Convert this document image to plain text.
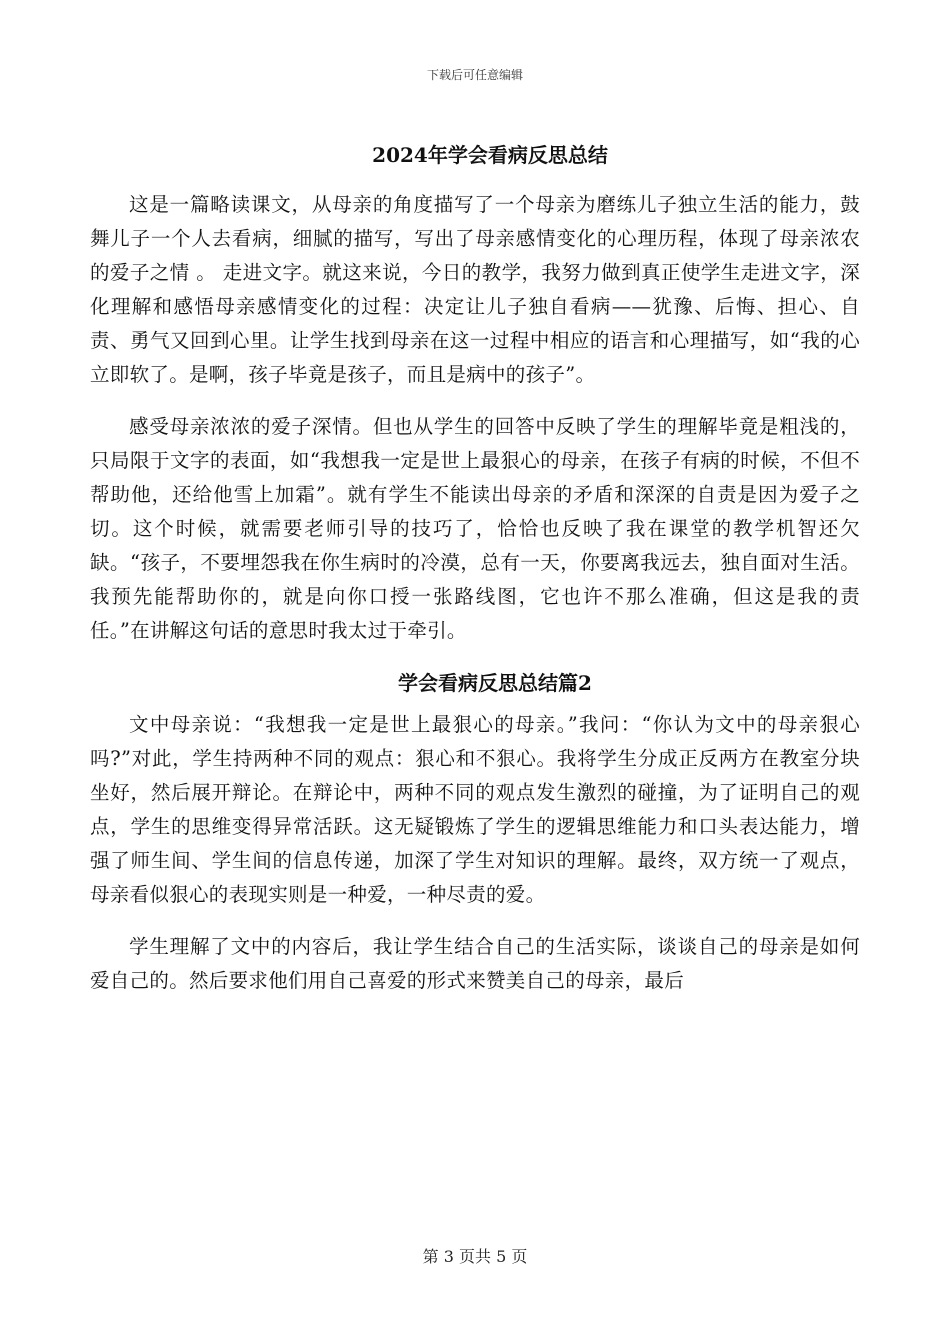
下载后可任意编辑
2024年学会看病反思总结

这是一篇略读课文，从母亲的角度描写了一个母亲为磨练儿子独立生活的能力，鼓舞儿子一个人去看病，细腻的描写，写出了母亲感情变化的心理历程，体现了母亲浓农的爱子之情 。 走进文字。就这来说，今日的教学，我努力做到真正使学生走进文字，深化理解和感悟母亲感情变化的过程：决定让儿子独自看病——犹豫、后悔、担心、自责、勇气又回到心里。让学生找到母亲在这一过程中相应的语言和心理描写，如“我的心立即软了。是啊，孩子毕竟是孩子，而且是病中的孩子”。

感受母亲浓浓的爱子深情。但也从学生的回答中反映了学生的理解毕竟是粗浅的，只局限于文字的表面，如“我想我一定是世上最狠心的母亲，在孩子有病的时候，不但不帮助他，还给他雪上加霜”。就有学生不能读出母亲的矛盾和深深的自责是因为爱子之切。这个时候，就需要老师引导的技巧了，恰恰也反映了我在课堂的教学机智还欠缺。“孩子，不要埋怨我在你生病时的冷漠，总有一天，你要离我远去，独自面对生活。我预先能帮助你的，就是向你口授一张路线图，它也许不那么准确，但这是我的责任。”在讲解这句话的意思时我太过于牵引。

学会看病反思总结篇2

文中母亲说：“我想我一定是世上最狠心的母亲。”我问：“你认为文中的母亲狠心吗?”对此，学生持两种不同的观点：狠心和不狠心。我将学生分成正反两方在教室分块坐好，然后展开辩论。在辩论中，两种不同的观点发生激烈的碰撞，为了证明自己的观点，学生的思维变得异常活跃。这无疑锻炼了学生的逻辑思维能力和口头表达能力，增强了师生间、学生间的信息传递，加深了学生对知识的理解。最终，双方统一了观点，母亲看似狠心的表现实则是一种爱，一种尽责的爱。

学生理解了文中的内容后，我让学生结合自己的生活实际，谈谈自己的母亲是如何爱自己的。然后要求他们用自己喜爱的形式来赞美自己的母亲，最后

第 3 页共 5 页
